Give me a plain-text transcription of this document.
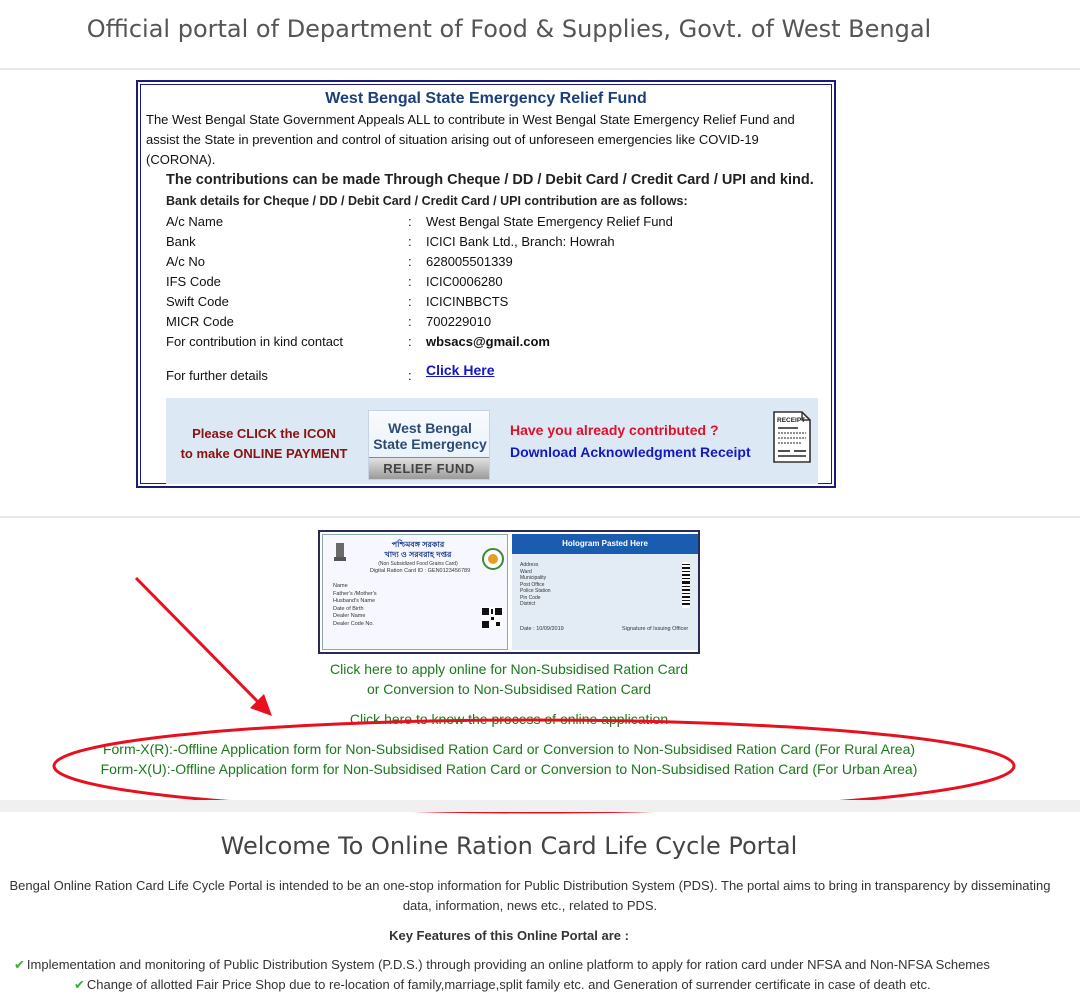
Official portal of Department of Food & Supplies, Govt. of West Bengal
West Bengal State Emergency Relief Fund
The West Bengal State Government Appeals ALL to contribute in West Bengal State Emergency Relief Fund and assist the State in prevention and control of situation arising out of unforeseen emergencies like COVID-19 (CORONA).
The contributions can be made Through Cheque / DD / Debit Card / Credit Card / UPI and kind.
Bank details for Cheque / DD / Debit Card / Credit Card / UPI contribution are as follows:
A/c Name	: West Bengal State Emergency Relief Fund
Bank	: ICICI Bank Ltd., Branch: Howrah
A/c No	: 628005501339
IFS Code	: ICIC0006280
Swift Code	: ICICINBBCTS
MICR Code	: 700229010
For contribution in kind contact	: wbsacs@gmail.com
For further details	: Click Here
Please CLICK the ICON
to make ONLINE PAYMENT
West Bengal
State Emergency
RELIEF FUND
Have you already contributed ?
Download Acknowledgment Receipt
RECEIPT
পশ্চিমবঙ্গ সরকার
খাদ্য ও সরবরাহ দপ্তর
(Non Subsidized Food Grains Card)
Digital Ration Card ID : GEN0123456789
Name
Father's /Mother's
Husband's Name
Date of Birth
Dealer Name
Dealer Code No.
Hologram Pasted Here
Address
Ward
Municipality
Post Office
Police Station
Pin Code
District
Date : 10/09/2019	Signature of Issuing Officer
Click here to apply online for Non-Subsidised Ration Card
or Conversion to Non-Subsidised Ration Card
Click here to know the process of online application
Form-X(R):-Offline Application form for Non-Subsidised Ration Card or Conversion to Non-Subsidised Ration Card (For Rural Area)
Form-X(U):-Offline Application form for Non-Subsidised Ration Card or Conversion to Non-Subsidised Ration Card (For Urban Area)
Welcome To Online Ration Card Life Cycle Portal
Bengal Online Ration Card Life Cycle Portal is intended to be an one-stop information for Public Distribution System (PDS). The portal aims to bring in transparency by disseminating data, information, news etc., related to PDS.
Key Features of this Online Portal are :
✔ Implementation and monitoring of Public Distribution System (P.D.S.) through providing an online platform to apply for ration card under NFSA and Non-NFSA Schemes
✔ Change of allotted Fair Price Shop due to re-location of family,marriage,split family etc. and Generation of surrender certificate in case of death etc.
